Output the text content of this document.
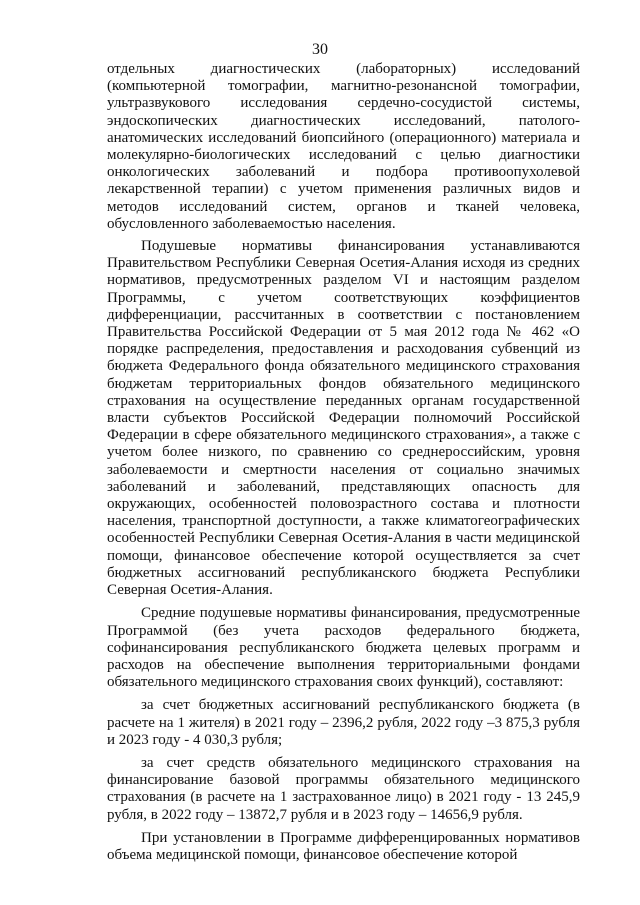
30

отдельных диагностических (лабораторных) исследований (компьютерной томографии, магнитно-резонансной томографии, ультразвукового исследования сердечно-сосудистой системы, эндоскопических диагностических исследований, патолого-анатомических исследований биопсийного (операционного) материала и молекулярно-биологических исследований с целью диагностики онкологических заболеваний и подбора противоопухолевой лекарственной терапии) с учетом применения различных видов и методов исследований систем, органов и тканей человека, обусловленного заболеваемостью населения.

Подушевые нормативы финансирования устанавливаются Правительством Республики Северная Осетия-Алания исходя из средних нормативов, предусмотренных разделом VI и настоящим разделом Программы, с учетом соответствующих коэффициентов дифференциации, рассчитанных в соответствии с постановлением Правительства Российской Федерации от 5 мая 2012 года № 462 «О порядке распределения, предоставления и расходования субвенций из бюджета Федерального фонда обязательного медицинского страхования бюджетам территориальных фондов обязательного медицинского страхования на осуществление переданных органам государственной власти субъектов Российской Федерации полномочий Российской Федерации в сфере обязательного медицинского страхования», а также с учетом более низкого, по сравнению со среднероссийским, уровня заболеваемости и смертности населения от социально значимых заболеваний и заболеваний, представляющих опасность для окружающих, особенностей половозрастного состава и плотности населения, транспортной доступности, а также климатогеографических особенностей Республики Северная Осетия-Алания в части медицинской помощи, финансовое обеспечение которой осуществляется за счет бюджетных ассигнований республиканского бюджета Республики Северная Осетия-Алания.

Средние подушевые нормативы финансирования, предусмотренные Программой (без учета расходов федерального бюджета, софинансирования республиканского бюджета целевых программ и расходов на обеспечение выполнения территориальными фондами обязательного медицинского страхования своих функций), составляют:

за счет бюджетных ассигнований республиканского бюджета (в расчете на 1 жителя) в 2021 году – 2396,2 рубля, 2022 году –3 875,3 рубля и 2023 году - 4 030,3 рубля;

за счет средств обязательного медицинского страхования на финансирование базовой программы обязательного медицинского страхования (в расчете на 1 застрахованное лицо) в 2021 году - 13 245,9 рубля, в 2022 году – 13872,7 рубля и в 2023 году – 14656,9 рубля.

При установлении в Программе дифференцированных нормативов объема медицинской помощи, финансовое обеспечение которой
